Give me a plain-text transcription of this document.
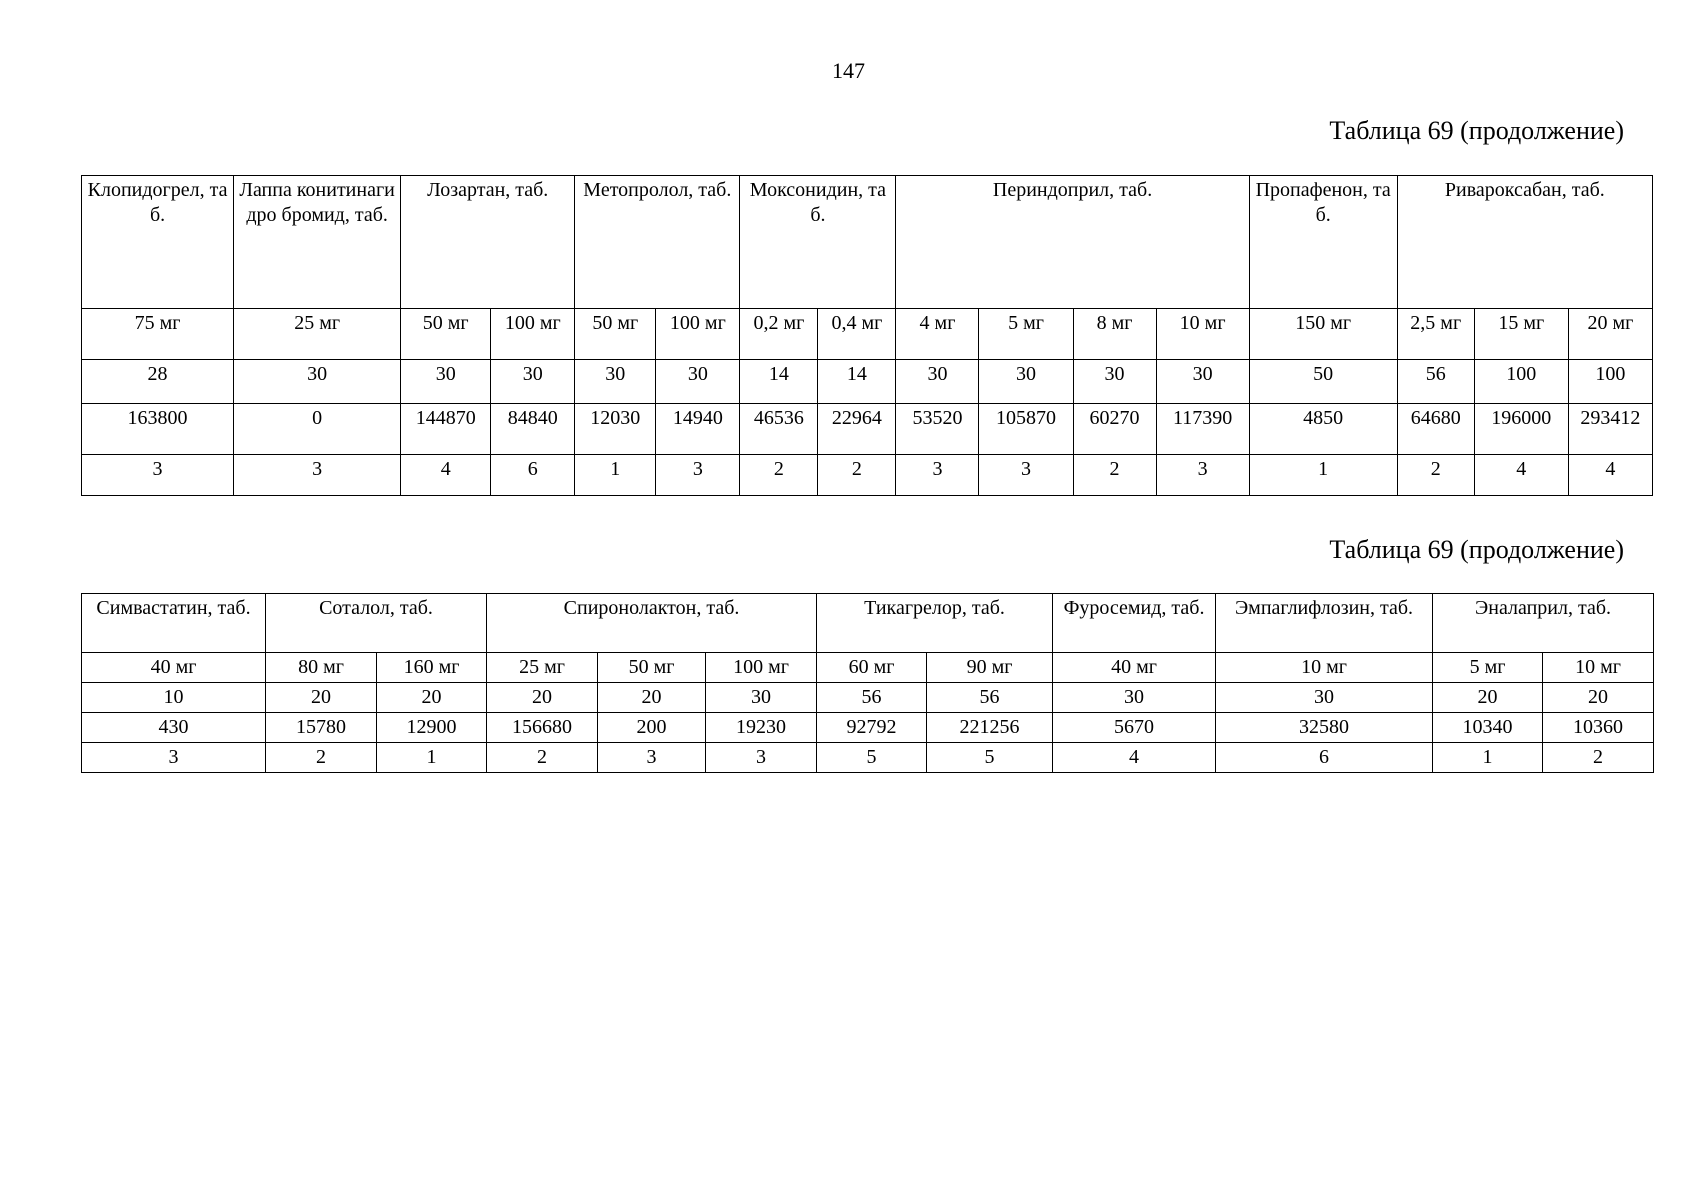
147
Таблица 69 (продолжение)
Клопидогрел, таб.	Лаппа конитинагидро бромид, таб.	Лозартан, таб.		Метопролол, таб.		Моксонидин, таб.		Периндоприл, таб.				Пропафенон, таб.	Ривароксабан, таб.		
75 мг	25 мг	50 мг	100 мг	50 мг	100 мг	0,2 мг	0,4 мг	4 мг	5 мг	8 мг	10 мг	150 мг	2,5 мг	15 мг	20 мг
28	30	30	30	30	30	14	14	30	30	30	30	50	56	100	100
163800	0	144870	84840	12030	14940	46536	22964	53520	105870	60270	117390	4850	64680	196000	293412
3	3	4	6	1	3	2	2	3	3	2	3	1	2	4	4
Таблица 69 (продолжение)
Симвастатин, таб.	Соталол, таб.		Спиронолактон, таб.			Тикагрелор, таб.		Фуросемид, таб.	Эмпаглифлозин, таб.	Эналаприл, таб.	
40 мг	80 мг	160 мг	25 мг	50 мг	100 мг	60 мг	90 мг	40 мг	10 мг	5 мг	10 мг
10	20	20	20	20	30	56	56	30	30	20	20
430	15780	12900	156680	200	19230	92792	221256	5670	32580	10340	10360
3	2	1	2	3	3	5	5	4	6	1	2
